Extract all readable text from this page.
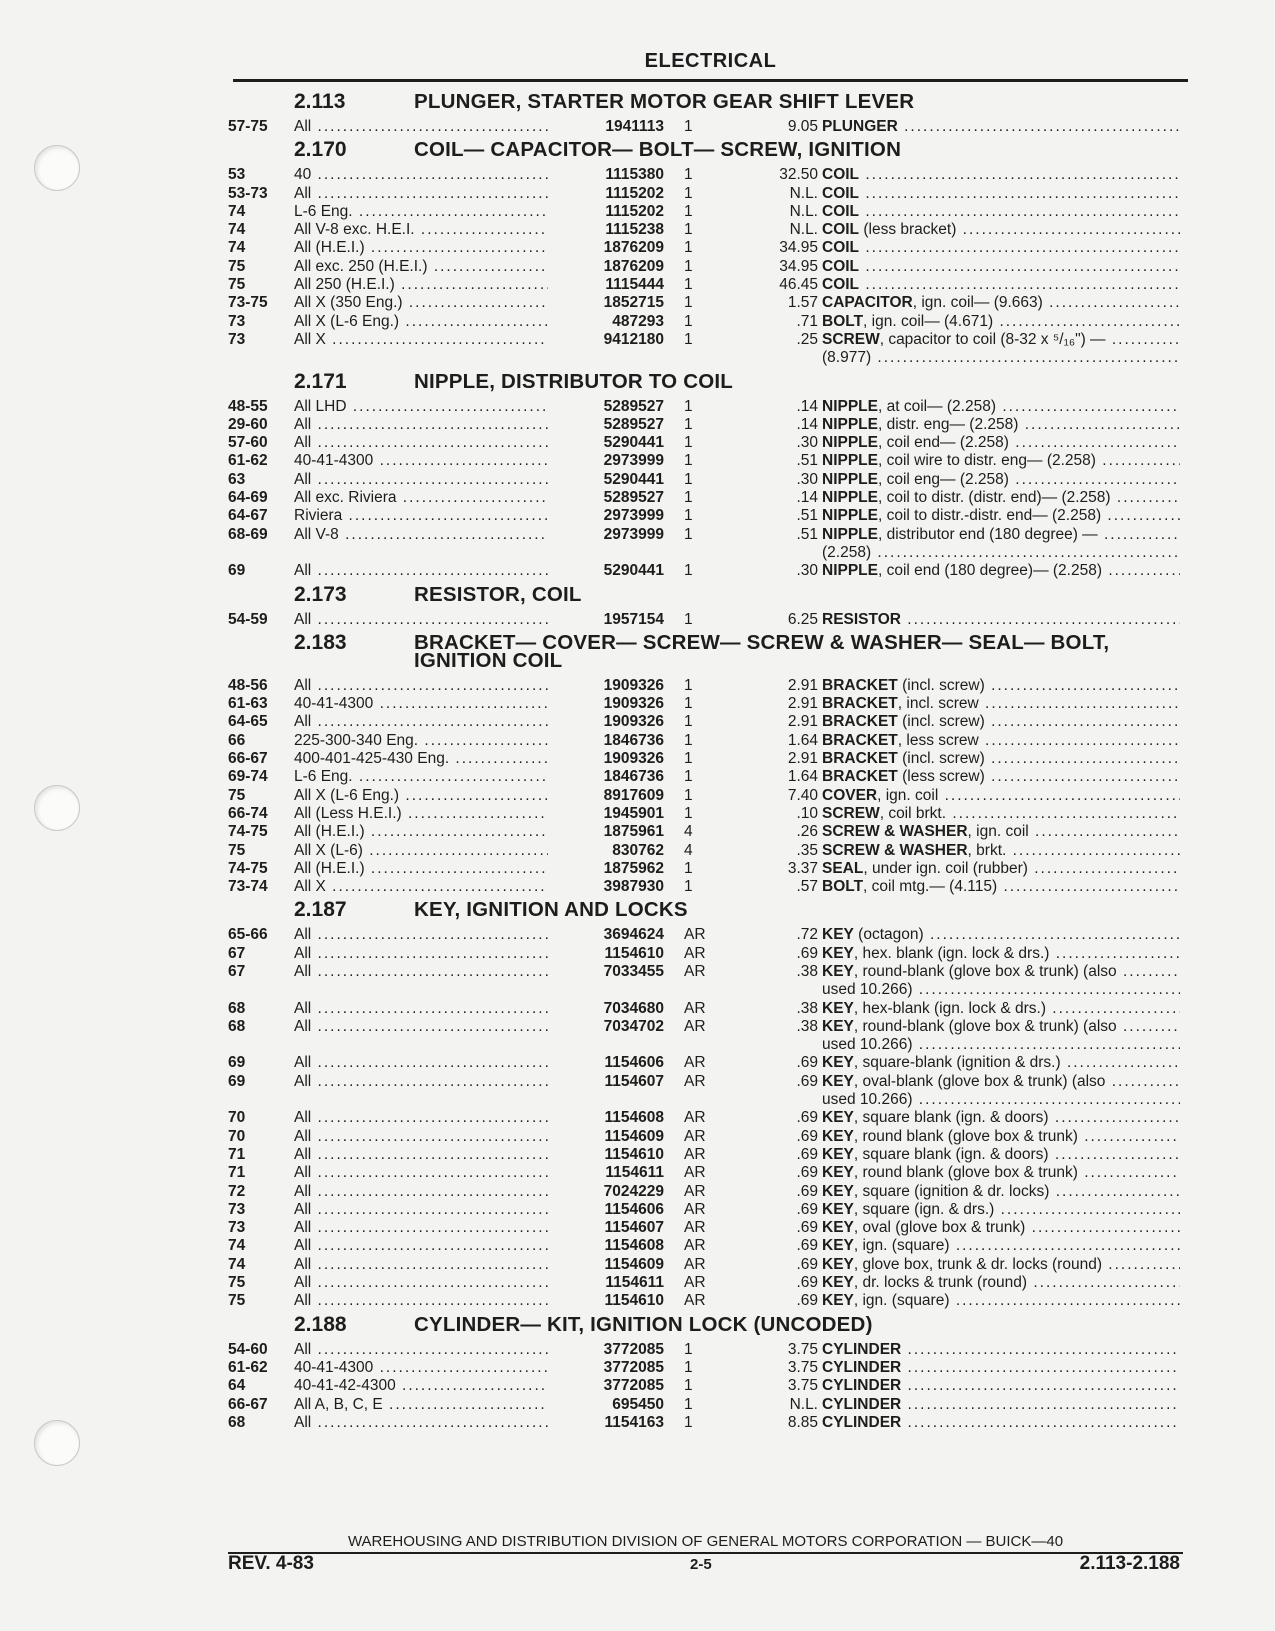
ELECTRICAL
2.113	PLUNGER, STARTER MOTOR GEAR SHIFT LEVER
57-75	All .....	1941113 1	9.05 PLUNGER .....
2.170	COIL— CAPACITOR— BOLT— SCREW, IGNITION
53	40 .....	1115380 1	32.50 COIL .....
53-73	All .....	1115202 1	N.L. COIL .....
74	L-6 Eng. .....	1115202 1	N.L. COIL .....
74	All V-8 exc. H.E.I. .....	1115238 1	N.L. COIL (less bracket) .....
74	All (H.E.I.) .....	1876209 1	34.95 COIL .....
75	All exc. 250 (H.E.I.) .....	1876209 1	34.95 COIL .....
75	All 250 (H.E.I.) .....	1115444 1	46.45 COIL .....
73-75	All X (350 Eng.) .....	1852715 1	1.57 CAPACITOR, ign. coil— (9.663) .....
73	All X (L-6 Eng.) .....	487293 1	.71 BOLT, ign. coil— (4.671) .....
73	All X .....	9412180 1	.25 SCREW, capacitor to coil (8-32 x ⁵/₁₆") — .....
(8.977) .....
2.171	NIPPLE, DISTRIBUTOR TO COIL
48-55	All LHD .....	5289527 1	.14 NIPPLE, at coil— (2.258) .....
29-60	All .....	5289527 1	.14 NIPPLE, distr. eng— (2.258) .....
57-60	All .....	5290441 1	.30 NIPPLE, coil end— (2.258) .....
61-62	40-41-4300 .....	2973999 1	.51 NIPPLE, coil wire to distr. eng— (2.258) .....
63	All .....	5290441 1	.30 NIPPLE, coil eng— (2.258) .....
64-69	All exc. Riviera .....	5289527 1	.14 NIPPLE, coil to distr. (distr. end)— (2.258) .....
64-67	Riviera .....	2973999 1	.51 NIPPLE, coil to distr.-distr. end— (2.258) .....
68-69	All V-8 .....	2973999 1	.51 NIPPLE, distributor end (180 degree) — .....
(2.258) .....
69	All .....	5290441 1	.30 NIPPLE, coil end (180 degree)— (2.258) .....
2.173	RESISTOR, COIL
54-59	All .....	1957154 1	6.25 RESISTOR .....
2.183	BRACKET— COVER— SCREW— SCREW & WASHER— SEAL— BOLT,
IGNITION COIL
48-56	All .....	1909326 1	2.91 BRACKET (incl. screw) .....
61-63	40-41-4300 .....	1909326 1	2.91 BRACKET, incl. screw .....
64-65	All .....	1909326 1	2.91 BRACKET (incl. screw) .....
66	225-300-340 Eng. .....	1846736 1	1.64 BRACKET, less screw .....
66-67	400-401-425-430 Eng. .....	1909326 1	2.91 BRACKET (incl. screw) .....
69-74	L-6 Eng. .....	1846736 1	1.64 BRACKET (less screw) .....
75	All X (L-6 Eng.) .....	8917609 1	7.40 COVER, ign. coil .....
66-74	All (Less H.E.I.) .....	1945901 1	.10 SCREW, coil brkt. .....
74-75	All (H.E.I.) .....	1875961 4	.26 SCREW & WASHER, ign. coil .....
75	All X (L-6) .....	830762 4	.35 SCREW & WASHER, brkt. .....
74-75	All (H.E.I.) .....	1875962 1	3.37 SEAL, under ign. coil (rubber) .....
73-74	All X .....	3987930 1	.57 BOLT, coil mtg.— (4.115) .....
2.187	KEY, IGNITION AND LOCKS
65-66	All .....	3694624 AR	.72 KEY (octagon) .....
67	All .....	1154610 AR	.69 KEY, hex. blank (ign. lock & drs.) .....
67	All .....	7033455 AR	.38 KEY, round-blank (glove box & trunk) (also .....
used 10.266) .....
68	All .....	7034680 AR	.38 KEY, hex-blank (ign. lock & drs.) .....
68	All .....	7034702 AR	.38 KEY, round-blank (glove box & trunk) (also .....
used 10.266) .....
69	All .....	1154606 AR	.69 KEY, square-blank (ignition & drs.) .....
69	All .....	1154607 AR	.69 KEY, oval-blank (glove box & trunk) (also .....
used 10.266) .....
70	All .....	1154608 AR	.69 KEY, square blank (ign. & doors) .....
70	All .....	1154609 AR	.69 KEY, round blank (glove box & trunk) .....
71	All .....	1154610 AR	.69 KEY, square blank (ign. & doors) .....
71	All .....	1154611 AR	.69 KEY, round blank (glove box & trunk) .....
72	All .....	7024229 AR	.69 KEY, square (ignition & dr. locks) .....
73	All .....	1154606 AR	.69 KEY, square (ign. & drs.) .....
73	All .....	1154607 AR	.69 KEY, oval (glove box & trunk) .....
74	All .....	1154608 AR	.69 KEY, ign. (square) .....
74	All .....	1154609 AR	.69 KEY, glove box, trunk & dr. locks (round) .....
75	All .....	1154611 AR	.69 KEY, dr. locks & trunk (round) .....
75	All .....	1154610 AR	.69 KEY, ign. (square) .....
2.188	CYLINDER— KIT, IGNITION LOCK (UNCODED)
54-60	All .....	3772085 1	3.75 CYLINDER .....
61-62	40-41-4300 .....	3772085 1	3.75 CYLINDER .....
64	40-41-42-4300 .....	3772085 1	3.75 CYLINDER .....
66-67	All A, B, C, E .....	695450 1	N.L. CYLINDER .....
68	All .....	1154163 1	8.85 CYLINDER .....
WAREHOUSING AND DISTRIBUTION DIVISION OF GENERAL MOTORS CORPORATION — BUICK—40
REV. 4-83	2-5	2.113-2.188
